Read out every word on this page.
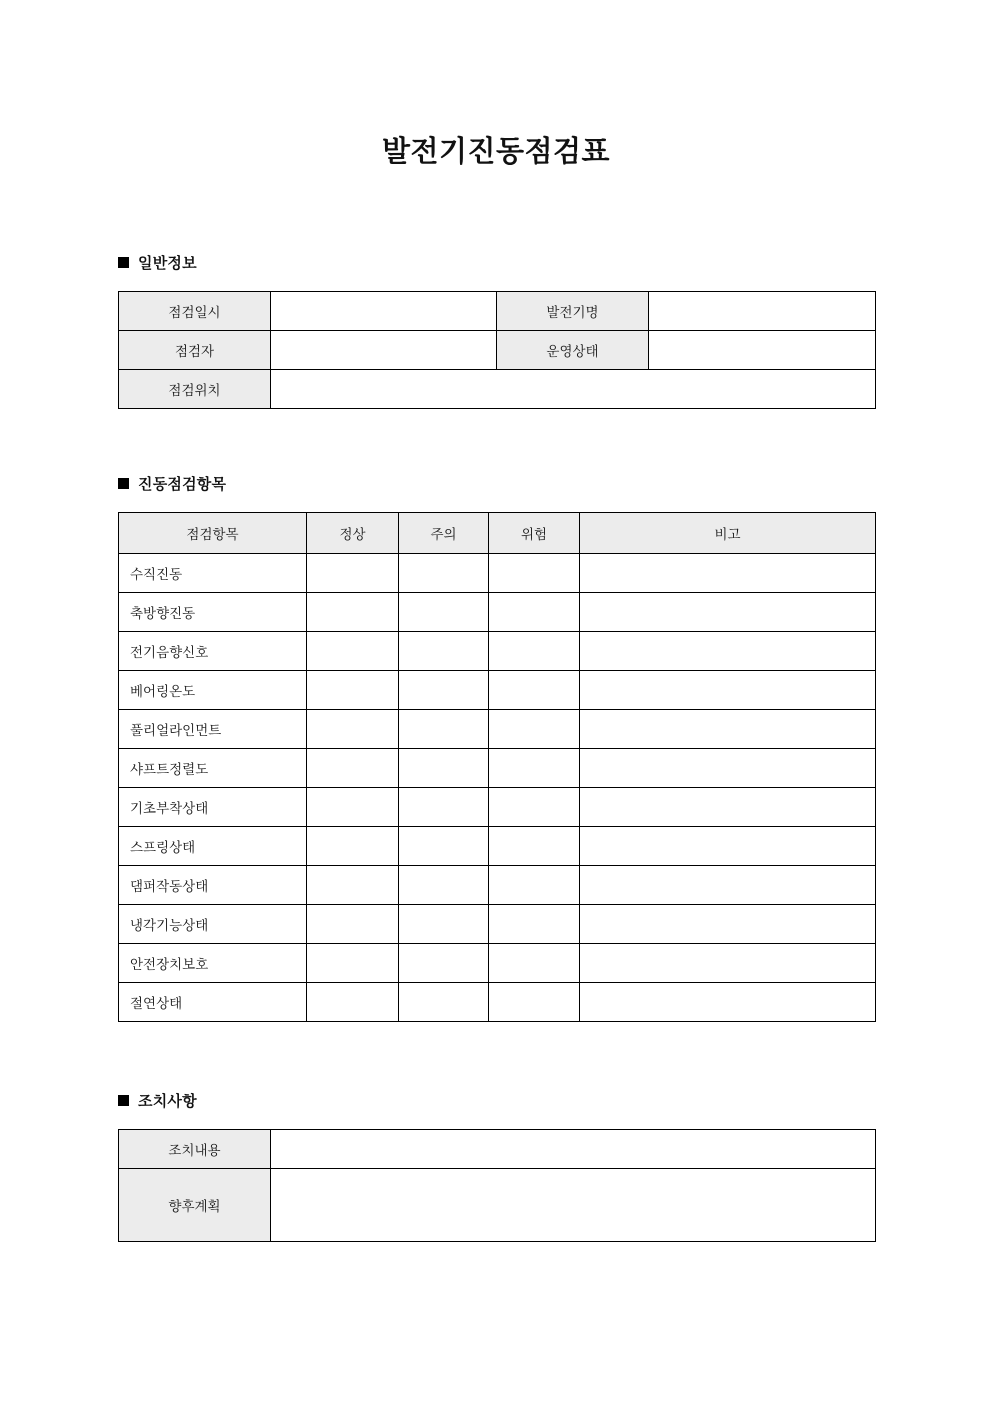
발전기진동점검표
일반정보
점검일시		발전기명	
점검자		운영상태	
점검위치			
진동점검항목
점검항목	정상	주의	위험	비고
수직진동				
축방향진동				
전기음향신호				
베어링온도				
풀리얼라인먼트				
샤프트정렬도				
기초부착상태				
스프링상태				
댐퍼작동상태				
냉각기능상태				
안전장치보호				
절연상태				
조치사항
조치내용	
향후계획	
